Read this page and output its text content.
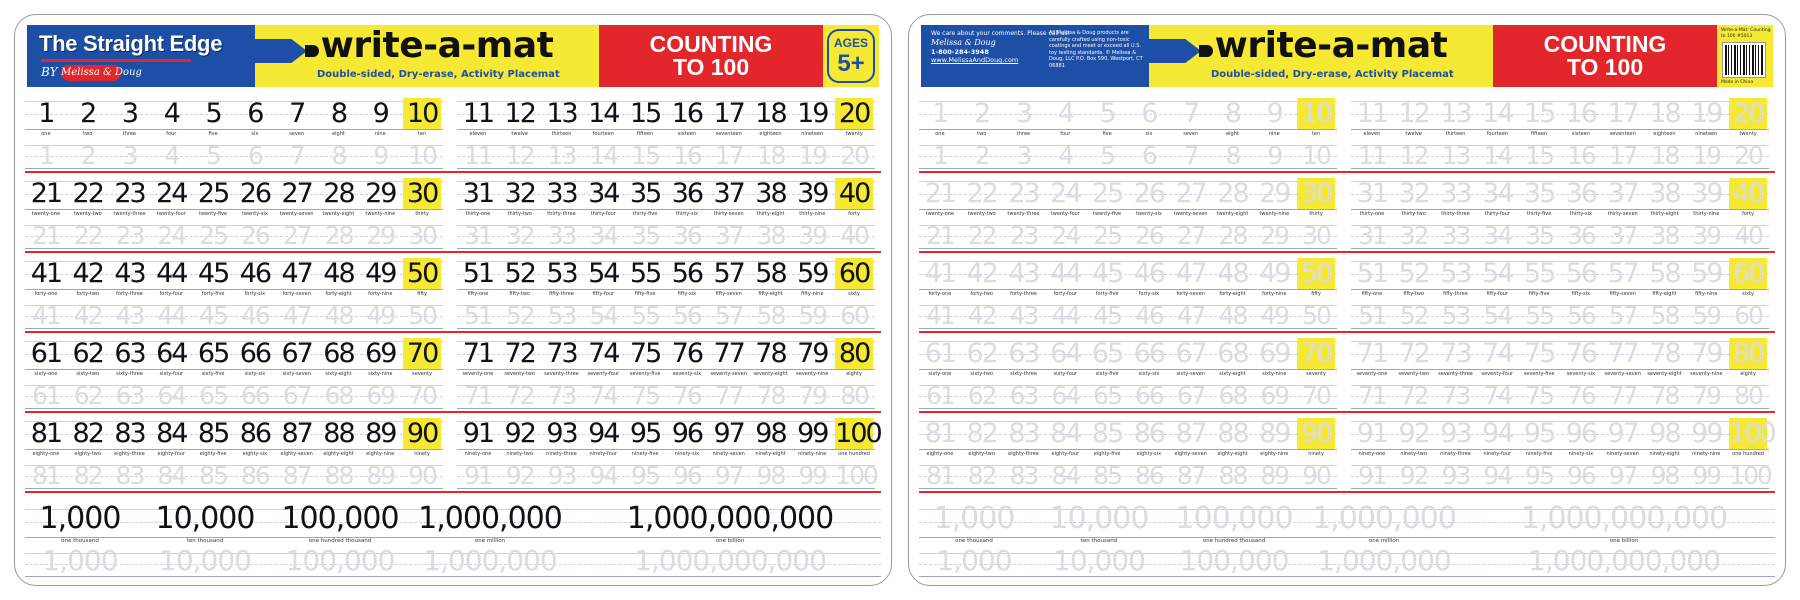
The Straight Edge
BY Melissa & Doug
write-a-mat
Double-sided, Dry-erase, Activity Placemat
COUNTING
TO 100
AGES
5+
1
one
1
2
two
2
3
three
3
4
four
4
5
five
5
6
six
6
7
seven
7
8
eight
8
9
nine
9
10
ten
10
11
eleven
11
12
twelve
12
13
thirteen
13
14
fourteen
14
15
fifteen
15
16
sixteen
16
17
seventeen
17
18
eighteen
18
19
nineteen
19
20
twenty
20
21
twenty-one
21
22
twenty-two
22
23
twenty-three
23
24
twenty-four
24
25
twenty-five
25
26
twenty-six
26
27
twenty-seven
27
28
twenty-eight
28
29
twenty-nine
29
30
thirty
30
31
thirty-one
31
32
thirty-two
32
33
thirty-three
33
34
thirty-four
34
35
thirty-five
35
36
thirty-six
36
37
thirty-seven
37
38
thirty-eight
38
39
thirty-nine
39
40
forty
40
41
forty-one
41
42
forty-two
42
43
forty-three
43
44
forty-four
44
45
forty-five
45
46
forty-six
46
47
forty-seven
47
48
forty-eight
48
49
forty-nine
49
50
fifty
50
51
fifty-one
51
52
fifty-two
52
53
fifty-three
53
54
fifty-four
54
55
fifty-five
55
56
fifty-six
56
57
fifty-seven
57
58
fifty-eight
58
59
fifty-nine
59
60
sixty
60
61
sixty-one
61
62
sixty-two
62
63
sixty-three
63
64
sixty-four
64
65
sixty-five
65
66
sixty-six
66
67
sixty-seven
67
68
sixty-eight
68
69
sixty-nine
69
70
seventy
70
71
seventy-one
71
72
seventy-two
72
73
seventy-three
73
74
seventy-four
74
75
seventy-five
75
76
seventy-six
76
77
seventy-seven
77
78
seventy-eight
78
79
seventy-nine
79
80
eighty
80
81
eighty-one
81
82
eighty-two
82
83
eighty-three
83
84
eighty-four
84
85
eighty-five
85
86
eighty-six
86
87
eighty-seven
87
88
eighty-eight
88
89
eighty-nine
89
90
ninety
90
91
ninety-one
91
92
ninety-two
92
93
ninety-three
93
94
ninety-four
94
95
ninety-five
95
96
ninety-six
96
97
ninety-seven
97
98
ninety-eight
98
99
ninety-nine
99
100
one hundred
100
1,000
one thousand
1,000
10,000
ten thousand
10,000
100,000
one hundred thousand
100,000
1,000,000
one million
1,000,000
1,000,000,000
one billion
1,000,000,000
We care about your comments. Please call us!
Melissa & Doug
1-800-284-3948
www.MelissaAndDoug.com
All Melissa & Doug products are carefully crafted using non-toxic coatings and meet or exceed all U.S. toy testing standards. © Melissa & Doug, LLC P.O. Box 590, Westport, CT 06881	write-a-mat
Double-sided, Dry-erase, Activity Placemat
COUNTING
TO 100
Write-a-Mat: Counting to 100 #5013
Made in China
1
one
1
2
two
2
3
three
3
4
four
4
5
five
5
6
six
6
7
seven
7
8
eight
8
9
nine
9
10
ten
10
11
eleven
11
12
twelve
12
13
thirteen
13
14
fourteen
14
15
fifteen
15
16
sixteen
16
17
seventeen
17
18
eighteen
18
19
nineteen
19
20
twenty
20
21
twenty-one
21
22
twenty-two
22
23
twenty-three
23
24
twenty-four
24
25
twenty-five
25
26
twenty-six
26
27
twenty-seven
27
28
twenty-eight
28
29
twenty-nine
29
30
thirty
30
31
thirty-one
31
32
thirty-two
32
33
thirty-three
33
34
thirty-four
34
35
thirty-five
35
36
thirty-six
36
37
thirty-seven
37
38
thirty-eight
38
39
thirty-nine
39
40
forty
40
41
forty-one
41
42
forty-two
42
43
forty-three
43
44
forty-four
44
45
forty-five
45
46
forty-six
46
47
forty-seven
47
48
forty-eight
48
49
forty-nine
49
50
fifty
50
51
fifty-one
51
52
fifty-two
52
53
fifty-three
53
54
fifty-four
54
55
fifty-five
55
56
fifty-six
56
57
fifty-seven
57
58
fifty-eight
58
59
fifty-nine
59
60
sixty
60
61
sixty-one
61
62
sixty-two
62
63
sixty-three
63
64
sixty-four
64
65
sixty-five
65
66
sixty-six
66
67
sixty-seven
67
68
sixty-eight
68
69
sixty-nine
69
70
seventy
70
71
seventy-one
71
72
seventy-two
72
73
seventy-three
73
74
seventy-four
74
75
seventy-five
75
76
seventy-six
76
77
seventy-seven
77
78
seventy-eight
78
79
seventy-nine
79
80
eighty
80
81
eighty-one
81
82
eighty-two
82
83
eighty-three
83
84
eighty-four
84
85
eighty-five
85
86
eighty-six
86
87
eighty-seven
87
88
eighty-eight
88
89
eighty-nine
89
90
ninety
90
91
ninety-one
91
92
ninety-two
92
93
ninety-three
93
94
ninety-four
94
95
ninety-five
95
96
ninety-six
96
97
ninety-seven
97
98
ninety-eight
98
99
ninety-nine
99
100
one hundred
100
1,000
one thousand
1,000
10,000
ten thousand
10,000
100,000
one hundred thousand
100,000
1,000,000
one million
1,000,000
1,000,000,000
one billion
1,000,000,000
